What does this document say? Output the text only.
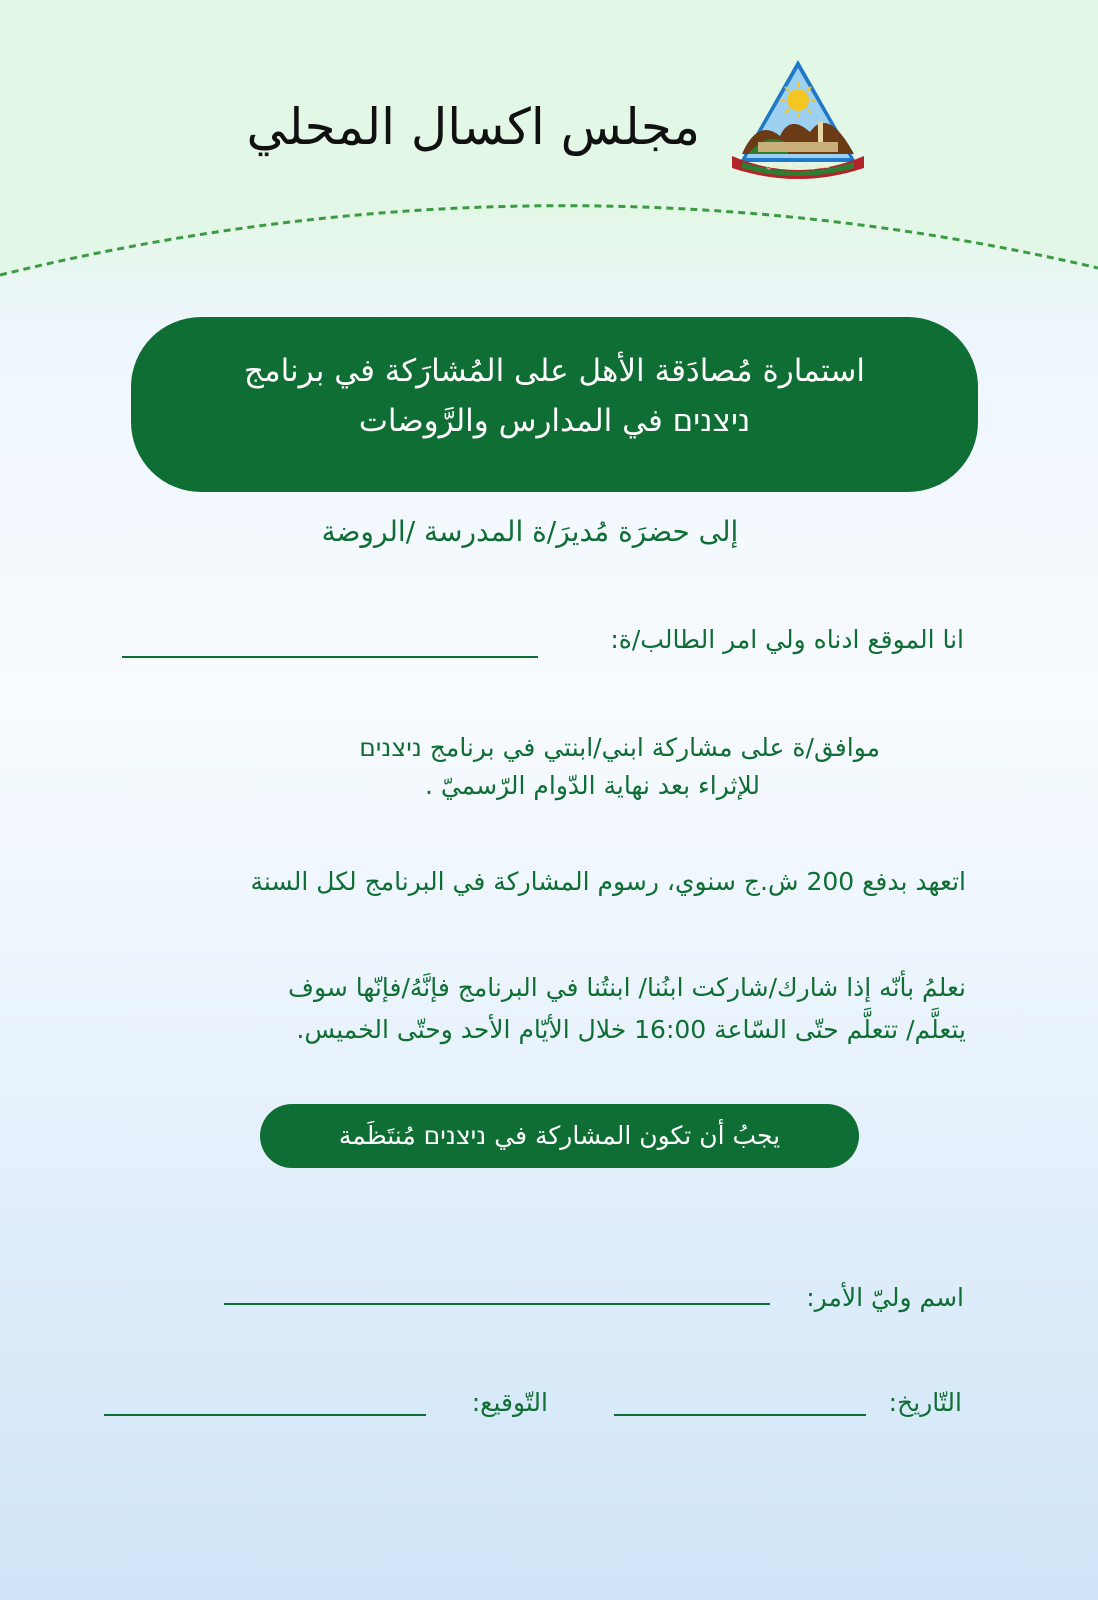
مجلس اكسال المحلي
مجلس اكسال المحلي
استمارة مُصادَقة الأهل على المُشارَكة في برنامج
ניצנים في المدارس والرَّوضات
إلى حضرَة مُديرَ/ة المدرسة /الروضة
انا الموقع ادناه ولي امر الطالب/ة:
موافق/ة على مشاركة ابني/ابنتي في برنامج ניצנים
للإثراء بعد نهاية الدّوام الرّسميّ .
اتعهد بدفع 200 ش.ج سنوي، رسوم المشاركة في البرنامج لكل السنة
نعلمُ بأنّه إذا شارك/شاركت ابنُنا/ ابنتُنا في البرنامج فإنَّهُ/فإنّها سوف
يتعلَّم/ تتعلَّم حتّى السّاعة 16:00 خلال الأيّام الأحد وحتّى الخميس.
يجبُ أن تكون المشاركة في ניצנים مُنتَظَمة
اسم وليّ الأمر:
التّاريخ:
التّوقيع:
